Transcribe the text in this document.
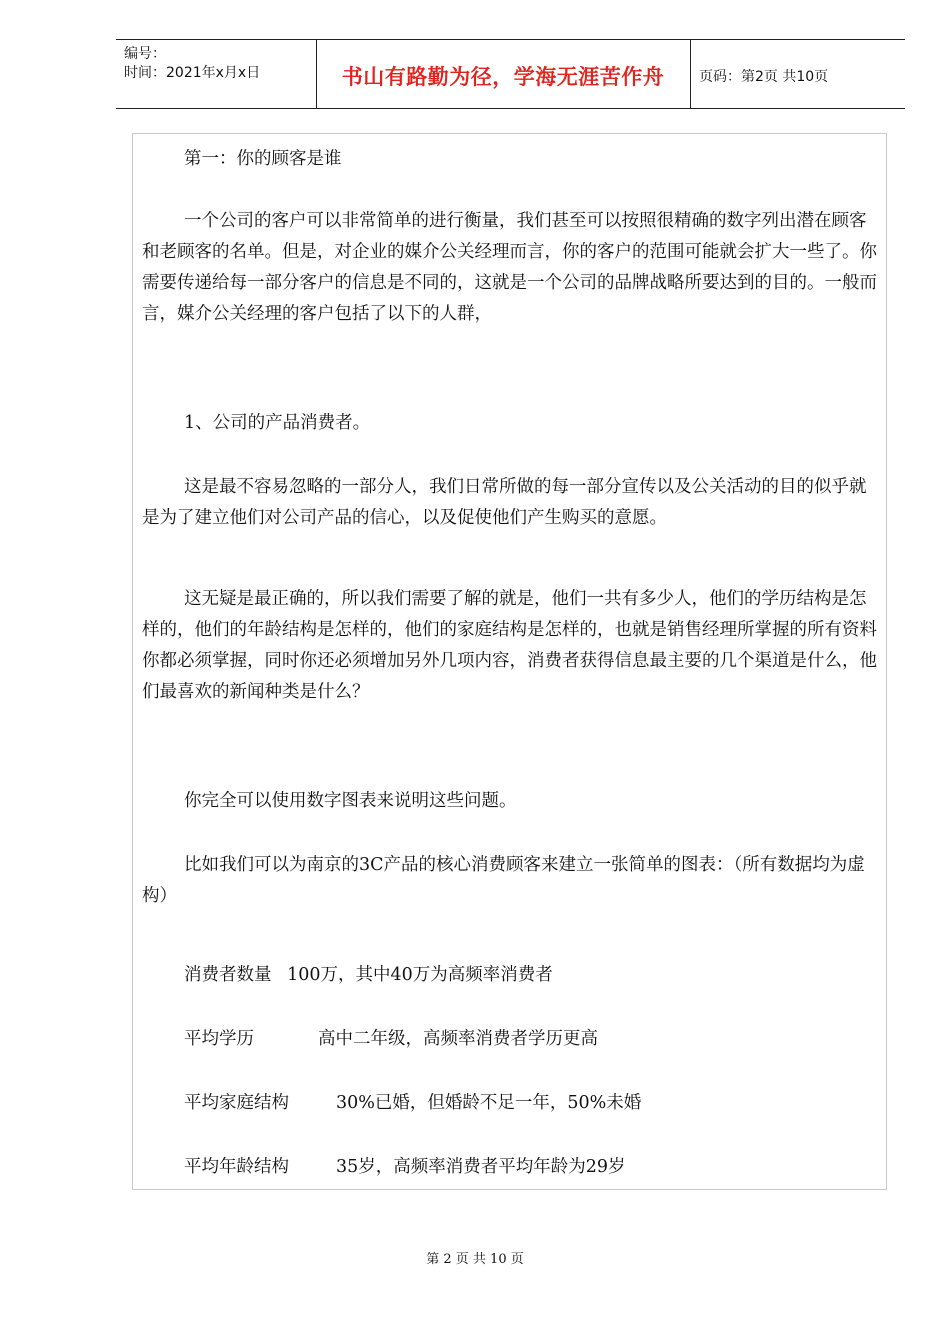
编号：
时间：2021年x月x日	书山有路勤为径，学海无涯苦作舟	页码：第2页 共10页
第一：你的顾客是谁
一个公司的客户可以非常简单的进行衡量，我们甚至可以按照很精确的数字列出潜在顾客和老顾客的名单。但是，对企业的媒介公关经理而言，你的客户的范围可能就会扩大一些了。你需要传递给每一部分客户的信息是不同的，这就是一个公司的品牌战略所要达到的目的。一般而言，媒介公关经理的客户包括了以下的人群，
1、公司的产品消费者。
这是最不容易忽略的一部分人，我们日常所做的每一部分宣传以及公关活动的目的似乎就是为了建立他们对公司产品的信心，以及促使他们产生购买的意愿。
这无疑是最正确的，所以我们需要了解的就是，他们一共有多少人，他们的学历结构是怎样的，他们的年龄结构是怎样的，他们的家庭结构是怎样的，也就是销售经理所掌握的所有资料你都必须掌握，同时你还必须增加另外几项内容，消费者获得信息最主要的几个渠道是什么，他们最喜欢的新闻种类是什么？
你完全可以使用数字图表来说明这些问题。
比如我们可以为南京的3C产品的核心消费顾客来建立一张简单的图表：（所有数据均为虚构）
消费者数量 100万，其中40万为高频率消费者
平均学历	高中二年级，高频率消费者学历更高
平均家庭结构	30%已婚，但婚龄不足一年，50%未婚
平均年龄结构	35岁，高频率消费者平均年龄为29岁
第 2 页 共 10 页
